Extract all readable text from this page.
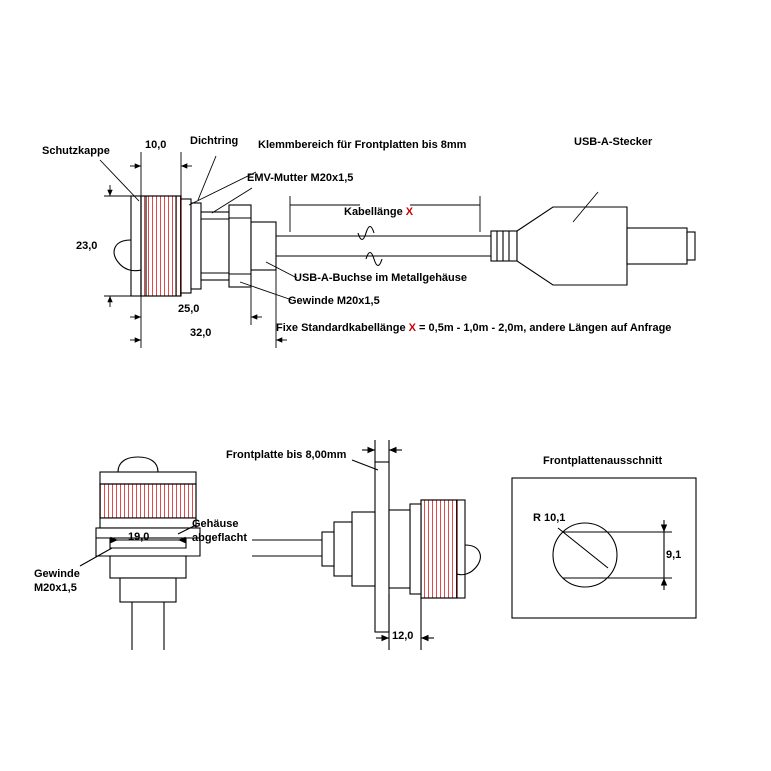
Schutzkappe	10,0 Dichtring Klemmbereich für Frontplatten bis 8mm
EMV-Mutter M20x1,5
23,0
Kabellänge X
USB-A-Stecker
USB-A-Buchse im Metallgehäuse
Gewinde M20x1,5
25,0
32,0	Fixe Standardkabellänge X = 0,5m - 1,0m - 2,0m, andere Längen auf Anfrage
Gehäuse
abgeflacht
19,0
Gewinde
M20x1,5
Frontplatte bis 8,00mm
12,0
Frontplattenausschnitt
R 10,1
9,1
